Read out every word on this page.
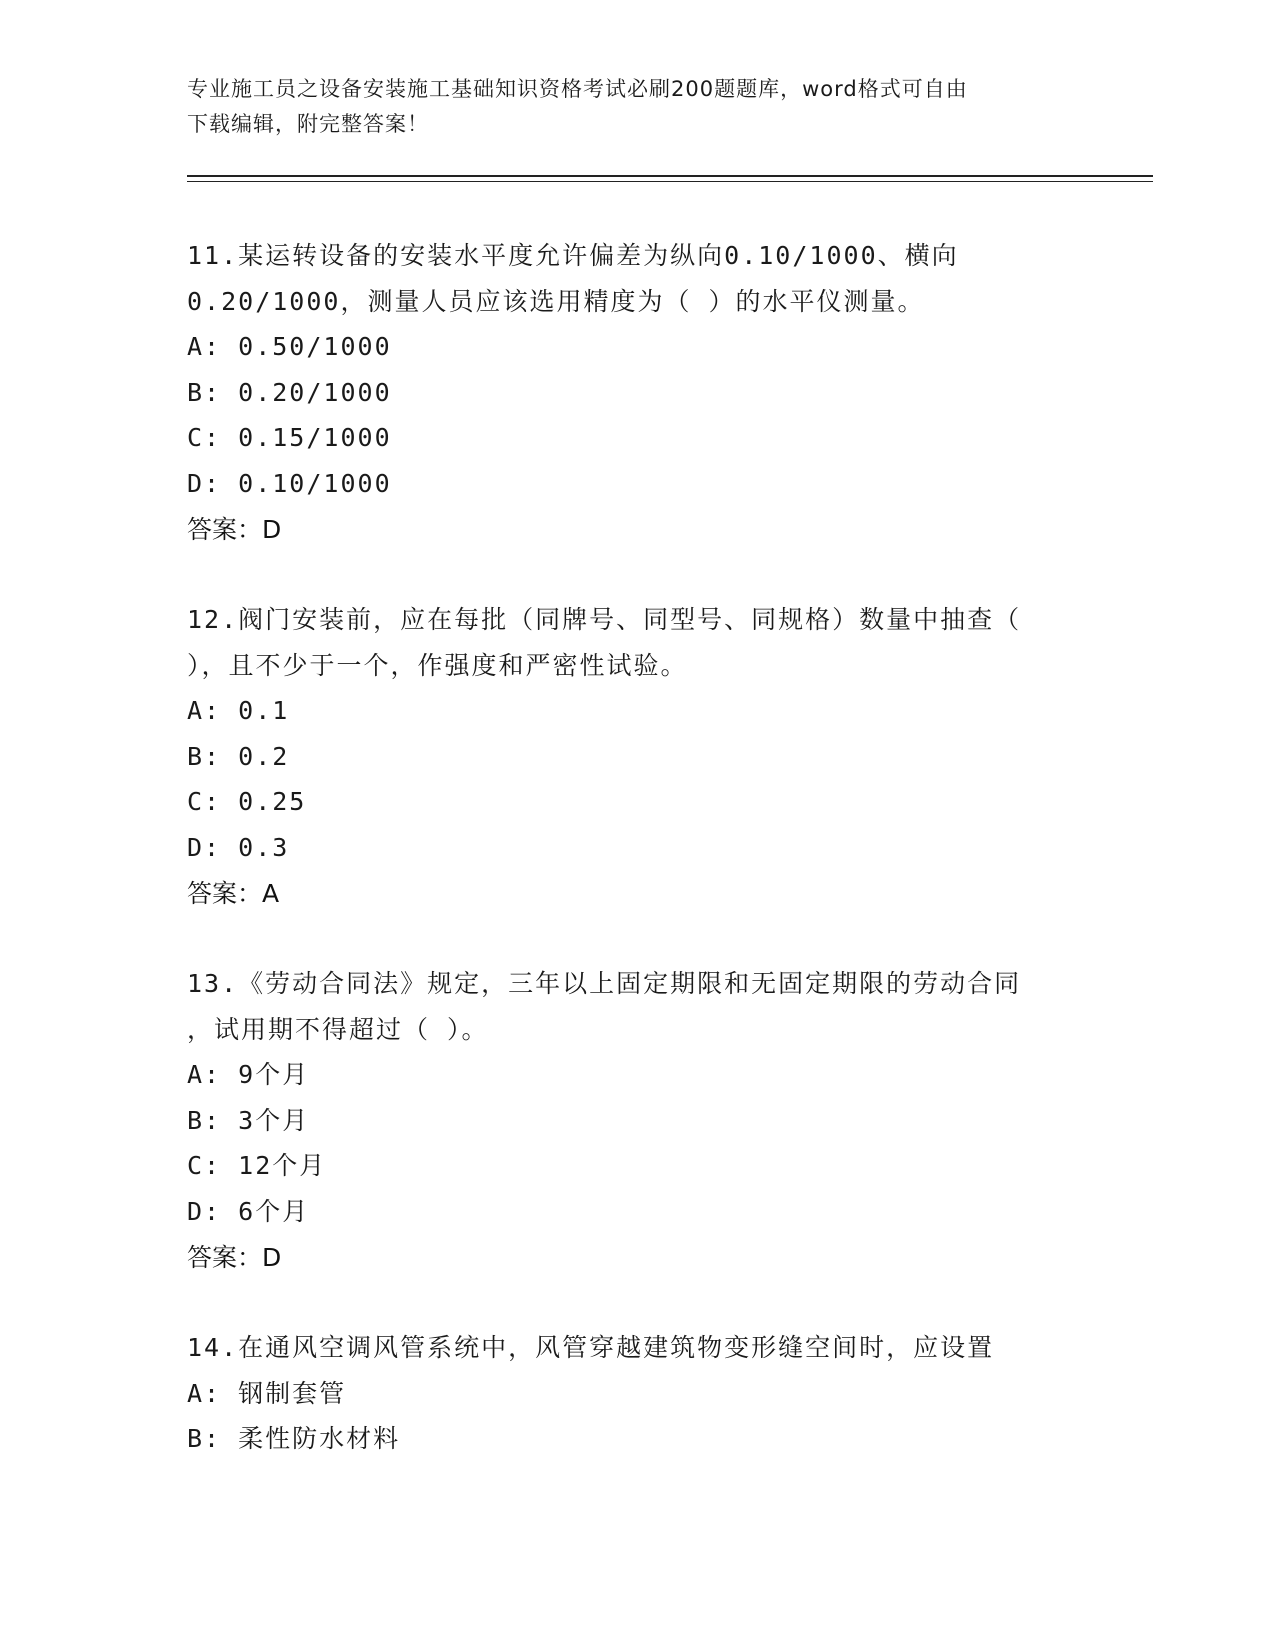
专业施工员之设备安装施工基础知识资格考试必刷200题题库，word格式可自由
下载编辑，附完整答案！
11.某运转设备的安装水平度允许偏差为纵向0.10/1000、横向
0.20/1000，测量人员应该选用精度为（ ）的水平仪测量。
A: 0.50/1000
B: 0.20/1000
C: 0.15/1000
D: 0.10/1000
答案：D
12.阀门安装前，应在每批（同牌号、同型号、同规格）数量中抽查（
），且不少于一个，作强度和严密性试验。
A: 0.1
B: 0.2
C: 0.25
D: 0.3
答案：A
13.《劳动合同法》规定，三年以上固定期限和无固定期限的劳动合同
，试用期不得超过（ ）。
A: 9个月
B: 3个月
C: 12个月
D: 6个月
答案：D
14.在通风空调风管系统中，风管穿越建筑物变形缝空间时，应设置
A: 钢制套管
B: 柔性防水材料
